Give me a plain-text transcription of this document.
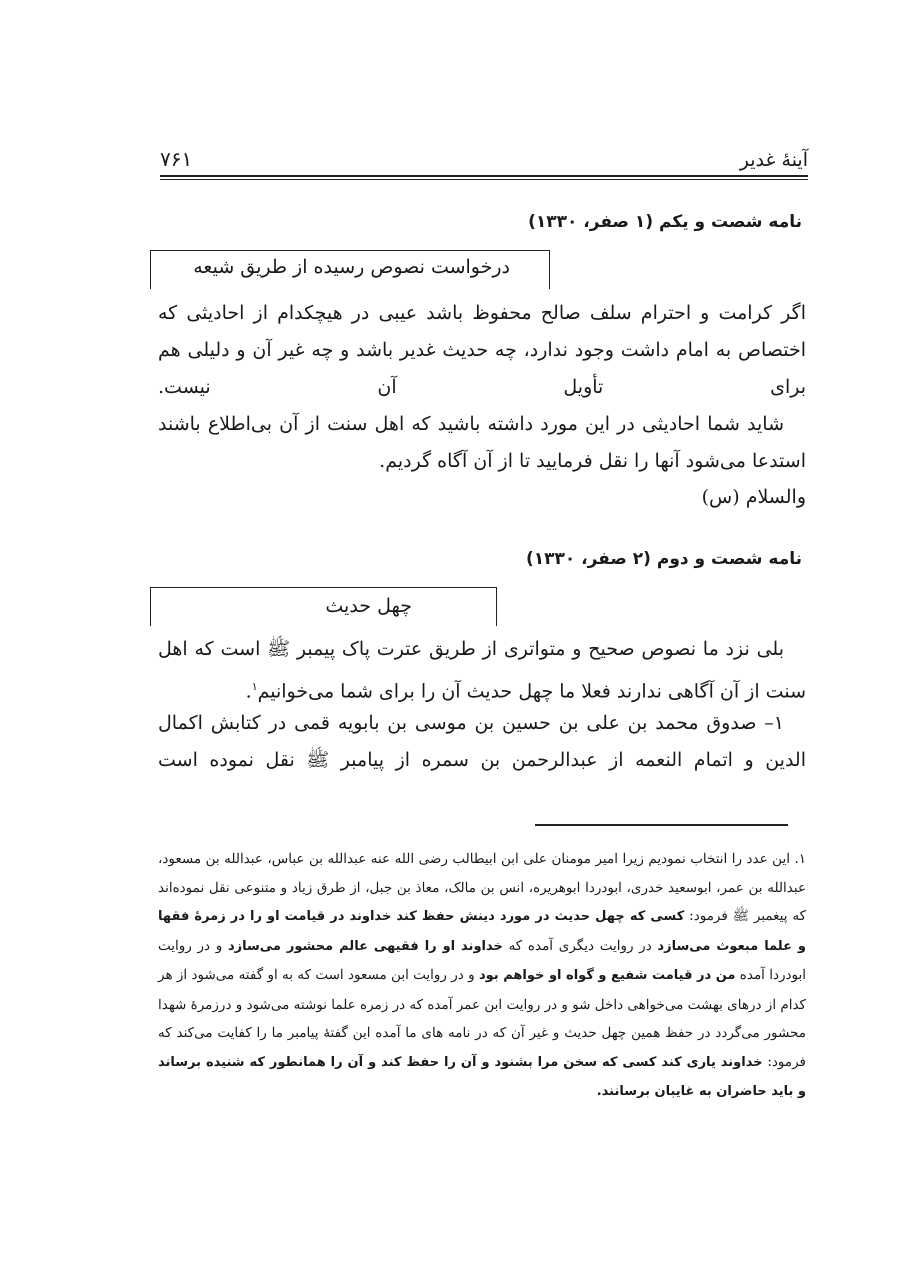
آینهٔ غدیر
۷۶۱
نامه شصت و یکم (۱ صفر، ۱۳۳۰)
درخواست نصوص رسیده از طریق شیعه
اگر کرامت و احترام سلف صالح محفوظ باشد عیبی در هیچکدام از احادیثی که اختصاص به امام داشت وجود ندارد، چه حدیث غدیر باشد و چه غیر آن و دلیلی هم برای تأویل آن نیست.
شاید شما احادیثی در این مورد داشته باشید که اهل سنت از آن بی‌اطلاع باشند استدعا می‌شود آنها را نقل فرمایید تا از آن آگاه گردیم.
والسلام (س)
نامه شصت و دوم (۲ صفر، ۱۳۳۰)
چهل حدیث
بلی نزد ما نصوص صحیح و متواتری از طریق عترت پاک پیمبر ﷺ است که اهل سنت از آن آگاهی ندارند فعلا ما چهل حدیث آن را برای شما می‌خوانیم$^۱$.
۱– صدوق محمد بن علی بن حسین بن موسی بن بابویه قمی در کتابش اکمال الدین و اتمام النعمه از عبدالرحمن بن سمره از پیامبر ﷺ نقل نموده است
۱. این عدد را انتخاب نمودیم زیرا امیر مومنان علی ابن ابیطالب رضی الله عنه عبدالله بن عباس، عبدالله بن مسعود، عبدالله بن عمر، ابوسعید خدری، ابودردا ابوهریره، انس بن مالک، معاذ بن جبل، از طرق زیاد و متنوعی نقل نموده‌اند که پیغمبر ﷺ فرمود: کسی که چهل حدیث در مورد دینش حفظ کند خداوند در قیامت او را در زمرهٔ فقها و علما مبعوث می‌سازد در روایت دیگری آمده که خداوند او را فقیهی عالم محشور می‌سازد و در روایت ابودردا آمده من در قیامت شفیع و گواه او خواهم بود و در روایت ابن مسعود است که به او گفته می‌شود از هر کدام از درهای بهشت می‌خواهی داخل شو و در روایت ابن عمر آمده که در زمره علما نوشته می‌شود و درزمرهٔ شهدا محشور می‌گردد در حفظ همین چهل حدیث و غیر آن که در نامه های ما آمده این گفتهٔ پیامبر ما را کفایت می‌کند که فرمود: خداوند یاری کند کسی که سخن مرا بشنود و آن را حفظ کند و آن را همانطور که شنیده برساند و باید حاضران به غایبان برسانند.
